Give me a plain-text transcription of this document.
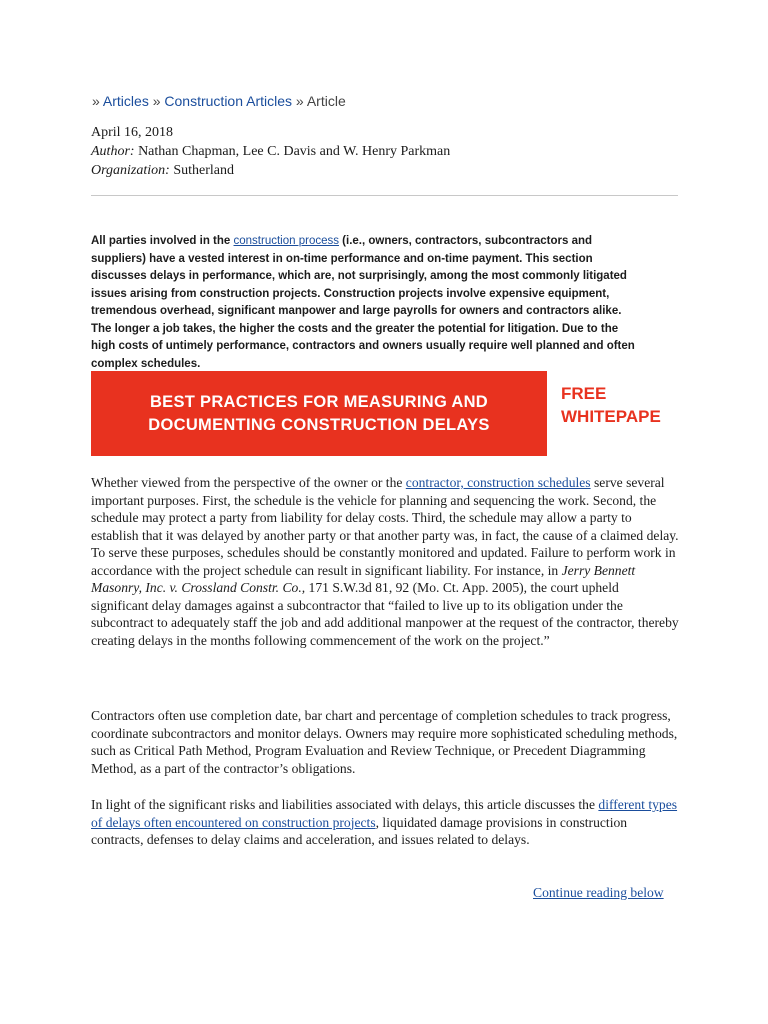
» Articles » Construction Articles » Article
April 16, 2018
Author: Nathan Chapman, Lee C. Davis and W. Henry Parkman
Organization: Sutherland
All parties involved in the construction process (i.e., owners, contractors, subcontractors and suppliers) have a vested interest in on-time performance and on-time payment. This section discusses delays in performance, which are, not surprisingly, among the most commonly litigated issues arising from construction projects. Construction projects involve expensive equipment, tremendous overhead, significant manpower and large payrolls for owners and contractors alike. The longer a job takes, the higher the costs and the greater the potential for litigation. Due to the high costs of untimely performance, contractors and owners usually require well planned and often complex schedules.
BEST PRACTICES FOR MEASURING AND
DOCUMENTING CONSTRUCTION DELAYS
FREE
WHITEPAPE
Whether viewed from the perspective of the owner or the contractor, construction schedules serve several important purposes. First, the schedule is the vehicle for planning and sequencing the work. Second, the schedule may protect a party from liability for delay costs. Third, the schedule may allow a party to establish that it was delayed by another party or that another party was, in fact, the cause of a claimed delay. To serve these purposes, schedules should be constantly monitored and updated. Failure to perform work in accordance with the project schedule can result in significant liability. For instance, in Jerry Bennett Masonry, Inc. v. Crossland Constr. Co., 171 S.W.3d 81, 92 (Mo. Ct. App. 2005), the court upheld significant delay damages against a subcontractor that “failed to live up to its obligation under the subcontract to adequately staff the job and add additional manpower at the request of the contractor, thereby creating delays in the months following commencement of the work on the project.”
Contractors often use completion date, bar chart and percentage of completion schedules to track progress, coordinate subcontractors and monitor delays. Owners may require more sophisticated scheduling methods, such as Critical Path Method, Program Evaluation and Review Technique, or Precedent Diagramming Method, as a part of the contractor’s obligations.
In light of the significant risks and liabilities associated with delays, this article discusses the different types of delays often encountered on construction projects, liquidated damage provisions in construction contracts, defenses to delay claims and acceleration, and issues related to delays.
Continue reading below
